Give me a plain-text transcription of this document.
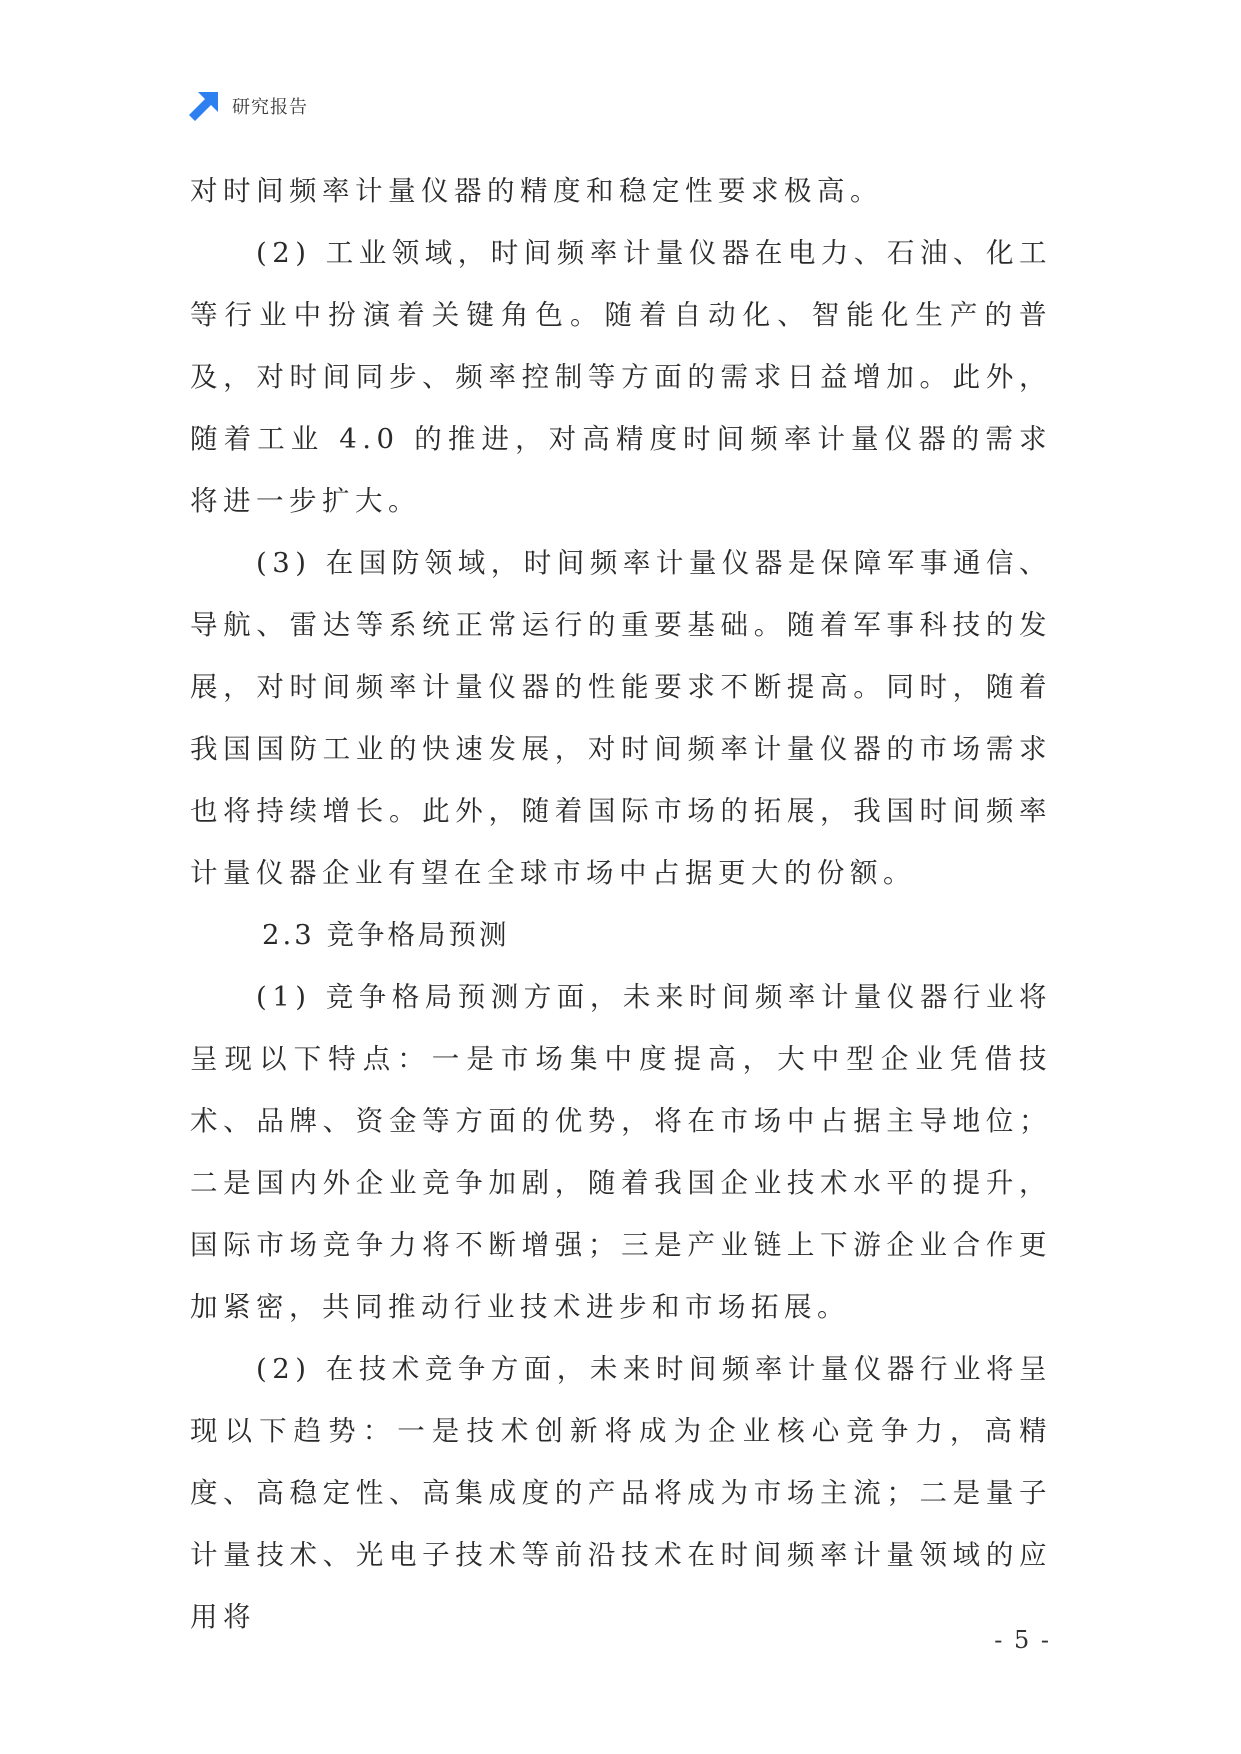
研究报告

对时间频率计量仪器的精度和稳定性要求极高。

(2) 工业领域，时间频率计量仪器在电力、石油、化工等行业中扮演着关键角色。随着自动化、智能化生产的普及，对时间同步、频率控制等方面的需求日益增加。此外，随着工业 4.0 的推进，对高精度时间频率计量仪器的需求将进一步扩大。

(3) 在国防领域，时间频率计量仪器是保障军事通信、导航、雷达等系统正常运行的重要基础。随着军事科技的发展，对时间频率计量仪器的性能要求不断提高。同时，随着我国国防工业的快速发展，对时间频率计量仪器的市场需求也将持续增长。此外，随着国际市场的拓展，我国时间频率计量仪器企业有望在全球市场中占据更大的份额。

2.3 竞争格局预测

(1) 竞争格局预测方面，未来时间频率计量仪器行业将呈现以下特点：一是市场集中度提高，大中型企业凭借技术、品牌、资金等方面的优势，将在市场中占据主导地位；二是国内外企业竞争加剧，随着我国企业技术水平的提升，国际市场竞争力将不断增强；三是产业链上下游企业合作更加紧密，共同推动行业技术进步和市场拓展。

(2) 在技术竞争方面，未来时间频率计量仪器行业将呈现以下趋势：一是技术创新将成为企业核心竞争力，高精度、高稳定性、高集成度的产品将成为市场主流；二是量子计量技术、光电子技术等前沿技术在时间频率计量领域的应用将

- 5 -
